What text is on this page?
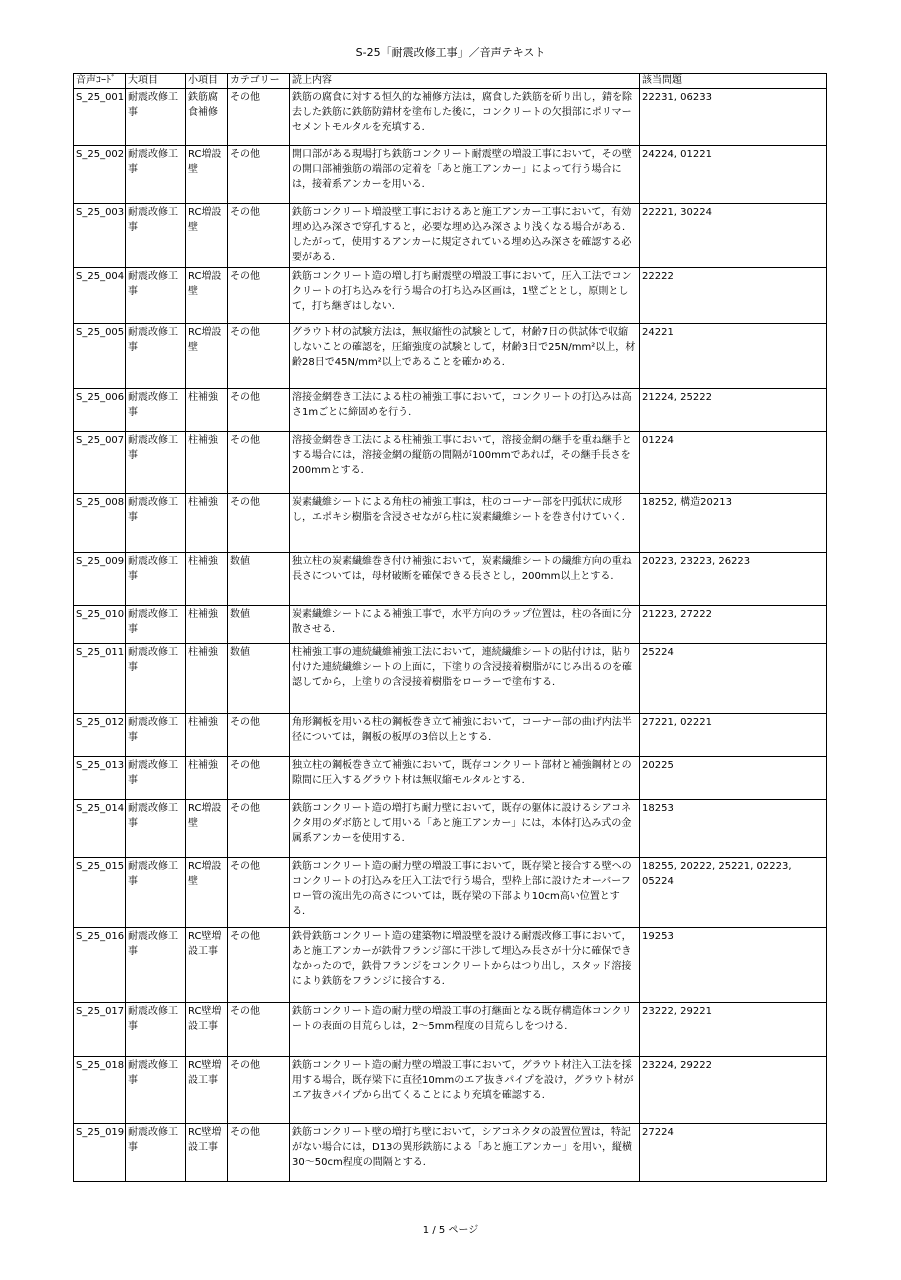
S-25「耐震改修工事」／音声テキスト
音声ｺｰﾄﾞ	大項目	小項目	カテゴリー	読上内容	該当問題
S_25_001	耐震改修工事	鉄筋腐食補修	その他	鉄筋の腐食に対する恒久的な補修方法は，腐食した鉄筋を斫り出し，錆を除去した鉄筋に鉄筋防錆材を塗布した後に，コンクリートの欠損部にポリマーセメントモルタルを充填する．	22231, 06233
S_25_002	耐震改修工事	RC増設壁	その他	開口部がある現場打ち鉄筋コンクリート耐震壁の増設工事において，その壁の開口部補強筋の端部の定着を「あと施工アンカー」によって行う場合には，接着系アンカーを用いる．	24224, 01221
S_25_003	耐震改修工事	RC増設壁	その他	鉄筋コンクリート増設壁工事におけるあと施工アンカー工事において，有効埋め込み深さで穿孔すると，必要な埋め込み深さより浅くなる場合がある．したがって，使用するアンカーに規定されている埋め込み深さを確認する必要がある．	22221, 30224
S_25_004	耐震改修工事	RC増設壁	その他	鉄筋コンクリート造の増し打ち耐震壁の増設工事において，圧入工法でコンクリートの打ち込みを行う場合の打ち込み区画は，1壁ごととし，原則として，打ち継ぎはしない．	22222
S_25_005	耐震改修工事	RC増設壁	その他	グラウト材の試験方法は，無収縮性の試験として，材齢7日の供試体で収縮しないことの確認を，圧縮強度の試験として，材齢3日で25N/mm²以上，材齢28日で45N/mm²以上であることを確かめる．	24221
S_25_006	耐震改修工事	柱補強	その他	溶接金網巻き工法による柱の補強工事において，コンクリートの打込みは高さ1mごとに締固めを行う．	21224, 25222
S_25_007	耐震改修工事	柱補強	その他	溶接金網巻き工法による柱補強工事において，溶接金網の継手を重ね継手とする場合には，溶接金網の縦筋の間隔が100mmであれば，その継手長さを200mmとする．	01224
S_25_008	耐震改修工事	柱補強	その他	炭素繊維シートによる角柱の補強工事は，柱のコーナー部を円弧状に成形し，エポキシ樹脂を含浸させながら柱に炭素繊維シートを巻き付けていく．	18252, 構造20213
S_25_009	耐震改修工事	柱補強	数値	独立柱の炭素繊維巻き付け補強において，炭素繊維シートの繊維方向の重ね長さについては，母材破断を確保できる長さとし，200mm以上とする．	20223, 23223, 26223
S_25_010	耐震改修工事	柱補強	数値	炭素繊維シートによる補強工事で，水平方向のラップ位置は，柱の各面に分散させる．	21223, 27222
S_25_011	耐震改修工事	柱補強	数値	柱補強工事の連続繊維補強工法において，連続繊維シートの貼付けは，貼り付けた連続繊維シートの上面に，下塗りの含浸接着樹脂がにじみ出るのを確認してから，上塗りの含浸接着樹脂をローラーで塗布する．	25224
S_25_012	耐震改修工事	柱補強	その他	角形鋼板を用いる柱の鋼板巻き立て補強において，コーナー部の曲げ内法半径については，鋼板の板厚の3倍以上とする．	27221, 02221
S_25_013	耐震改修工事	柱補強	その他	独立柱の鋼板巻き立て補強において，既存コンクリート部材と補強鋼材との隙間に圧入するグラウト材は無収縮モルタルとする．	20225
S_25_014	耐震改修工事	RC増設壁	その他	鉄筋コンクリート造の増打ち耐力壁において，既存の躯体に設けるシアコネクタ用のダボ筋として用いる「あと施工アンカー」には，本体打込み式の金属系アンカーを使用する．	18253
S_25_015	耐震改修工事	RC増設壁	その他	鉄筋コンクリート造の耐力壁の増設工事において，既存梁と接合する壁へのコンクリートの打込みを圧入工法で行う場合，型枠上部に設けたオーバーフロー管の流出先の高さについては，既存梁の下部より10cm高い位置とする．	18255, 20222, 25221, 02223, 05224
S_25_016	耐震改修工事	RC壁増設工事	その他	鉄骨鉄筋コンクリート造の建築物に増設壁を設ける耐震改修工事において，あと施工アンカーが鉄骨フランジ部に干渉して埋込み長さが十分に確保できなかったので，鉄骨フランジをコンクリートからはつり出し，スタッド溶接により鉄筋をフランジに接合する．	19253
S_25_017	耐震改修工事	RC壁増設工事	その他	鉄筋コンクリート造の耐力壁の増設工事の打継面となる既存構造体コンクリートの表面の目荒らしは，2～5mm程度の目荒らしをつける．	23222, 29221
S_25_018	耐震改修工事	RC壁増設工事	その他	鉄筋コンクリート造の耐力壁の増設工事において，グラウト材注入工法を採用する場合，既存梁下に直径10mmのエア抜きパイプを設け，グラウト材がエア抜きパイプから出てくることにより充填を確認する．	23224, 29222
S_25_019	耐震改修工事	RC壁増設工事	その他	鉄筋コンクリート壁の増打ち壁において，シアコネクタの設置位置は，特記がない場合には，D13の異形鉄筋による「あと施工アンカー」を用い，縦横30～50cm程度の間隔とする．	27224
1 / 5 ページ
